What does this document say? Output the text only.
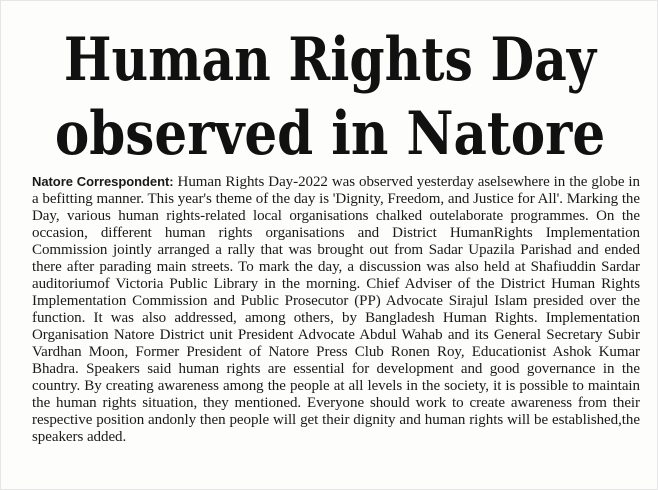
Human Rights Day
observed in Natore

Natore Correspondent: Human Rights Day-2022 was observed yesterday aselsewhere in the globe in a befitting manner. This year's theme of the day is 'Dignity, Freedom, and Justice for All'. Marking the Day, various human rights-related local organisations chalked outelaborate programmes. On the occasion, different human rights organisations and District HumanRights Implementation Commission jointly arranged a rally that was brought out from Sadar Upazila Parishad and ended there after parading main streets. To mark the day, a discussion was also held at Shafiuddin Sardar auditoriumof Victoria Public Library in the morning. Chief Adviser of the District Human Rights Implementation Commission and Public Prosecutor (PP) Advocate Sirajul Islam presided over the function. It was also addressed, among others, by Bangladesh Human Rights. Implementation Organisation Natore District unit President Advocate Abdul Wahab and its General Secretary Subir Vardhan Moon, Former President of Natore Press Club Ronen Roy, Educationist Ashok Kumar Bhadra. Speakers said human rights are essential for development and good governance in the country. By creating awareness among the people at all levels in the society, it is possible to maintain the human rights situation, they mentioned. Everyone should work to create awareness from their respective position andonly then people will get their dignity and human rights will be established,the speakers added.
